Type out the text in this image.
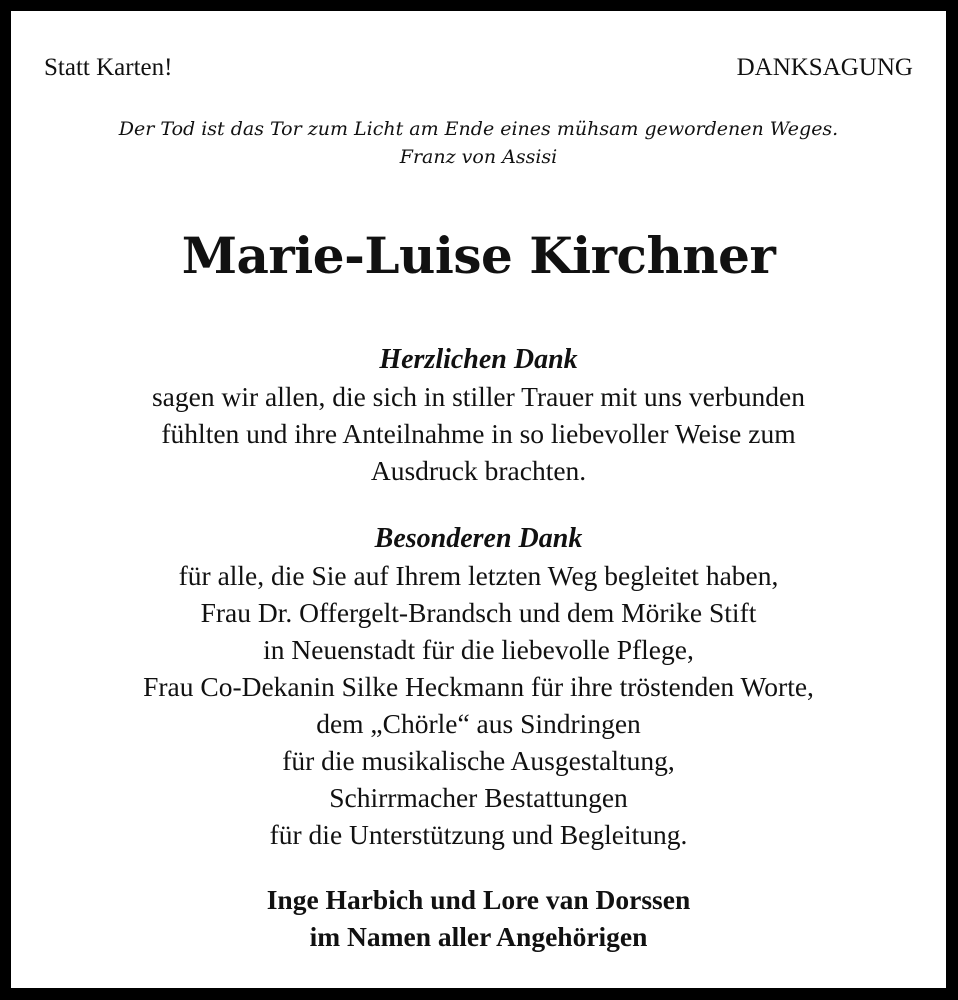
Statt Karten!	DANKSAGUNG
Der Tod ist das Tor zum Licht am Ende eines mühsam gewordenen Weges.
Franz von Assisi
Marie-Luise Kirchner
Herzlichen Dank
sagen wir allen, die sich in stiller Trauer mit uns verbunden
fühlten und ihre Anteilnahme in so liebevoller Weise zum
Ausdruck brachten.
Besonderen Dank
für alle, die Sie auf Ihrem letzten Weg begleitet haben,
Frau Dr. Offergelt-Brandsch und dem Mörike Stift
in Neuenstadt für die liebevolle Pflege,
Frau Co-Dekanin Silke Heckmann für ihre tröstenden Worte,
dem „Chörle“ aus Sindringen
für die musikalische Ausgestaltung,
Schirrmacher Bestattungen
für die Unterstützung und Begleitung.
Inge Harbich und Lore van Dorssen
im Namen aller Angehörigen
